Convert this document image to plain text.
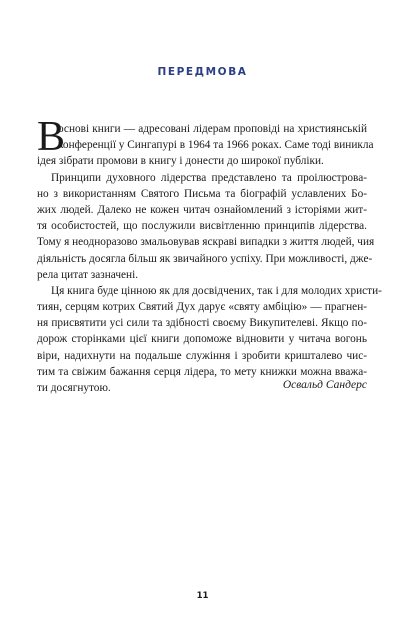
ПЕРЕДМОВА
В
основі книги — адресовані лідерам проповіді на християнській
конференції у Сингапурі в 1964 та 1966 роках. Саме тоді виникла
ідея зібрати промови в книгу і донести до широкої публіки.
Принципи духовного лідерства представлено та проілюстрова-
но з використанням Святого Письма та біографій уславлених Бо-
жих людей. Далеко не кожен читач ознайомлений з історіями жит-
тя особистостей, що послужили висвітленню принципів лідерства.
Тому я неодноразово змальовував яскраві випадки з життя людей, чия
діяльність досягла більш як звичайного успіху. При можливості, дже-
рела цитат зазначені.
Ця книга буде цінною як для досвідчених, так і для молодих христи-
тиян, серцям котрих Святий Дух дарує «святу амбіцію» — прагнен-
ня присвятити усі сили та здібності своєму Викупителеві. Якщо по-
дорож сторінками цієї книги допоможе відновити у читача вогонь
віри, надихнути на подальше служіння і зробити кришталево чис-
тим та свіжим бажання серця лідера, то мету книжки можна вважа-
ти досягнутою.	Освальд Сандерс
11
